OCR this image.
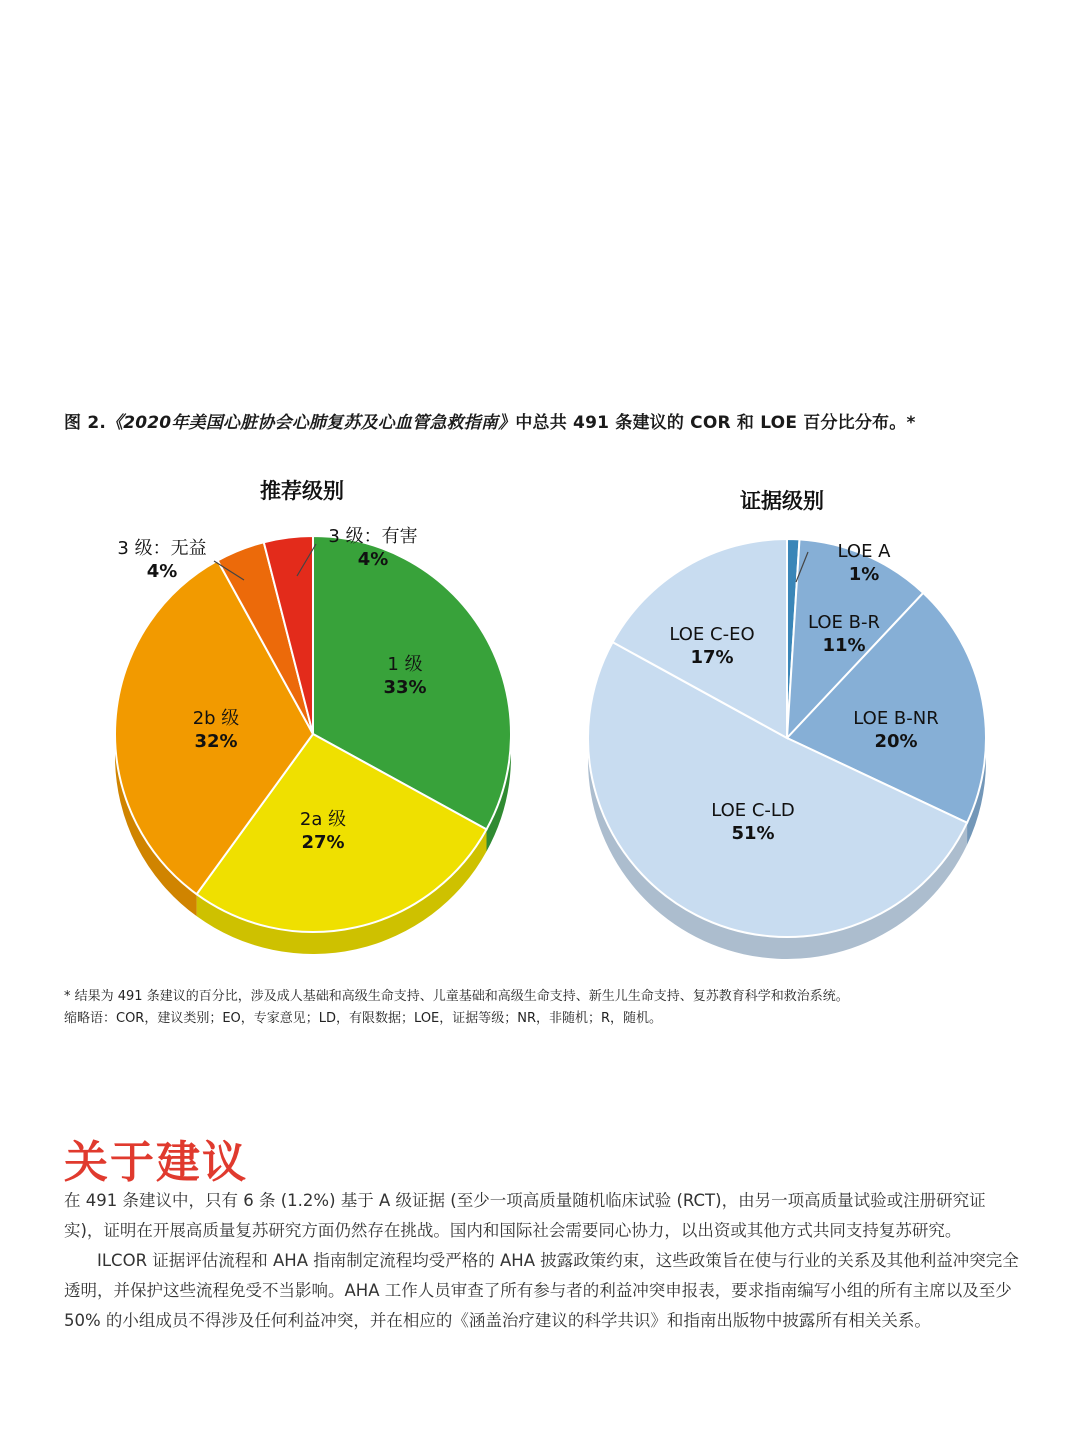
图 2.《2020年美国心脏协会心肺复苏及心血管急救指南》中总共 491 条建议的 COR 和 LOE 百分比分布。*
推荐级别
1 级
33%
2a 级
27%
2b 级
32%
3 级：无益
4%
3 级：有害
4%
证据级别
LOE A
1%
LOE B-R
11%
LOE B-NR
20%
LOE C-LD
51%
LOE C-EO
17%
* 结果为 491 条建议的百分比，涉及成人基础和高级生命支持、儿童基础和高级生命支持、新生儿生命支持、复苏教育科学和救治系统。
缩略语：COR，建议类别；EO，专家意见；LD，有限数据；LOE，证据等级；NR，非随机；R，随机。
关于建议

在 491 条建议中，只有 6 条 (1.2%) 基于 A 级证据 (至少一项高质量随机临床试验 (RCT)，由另一项高质量试验或注册研究证实)，证明在开展高质量复苏研究方面仍然存在挑战。国内和国际社会需要同心协力，以出资或其他方式共同支持复苏研究。

ILCOR 证据评估流程和 AHA 指南制定流程均受严格的 AHA 披露政策约束，这些政策旨在使与行业的关系及其他利益冲突完全透明，并保护这些流程免受不当影响。AHA 工作人员审查了所有参与者的利益冲突申报表，要求指南编写小组的所有主席以及至少 50% 的小组成员不得涉及任何利益冲突，并在相应的《涵盖治疗建议的科学共识》和指南出版物中披露所有相关关系。
